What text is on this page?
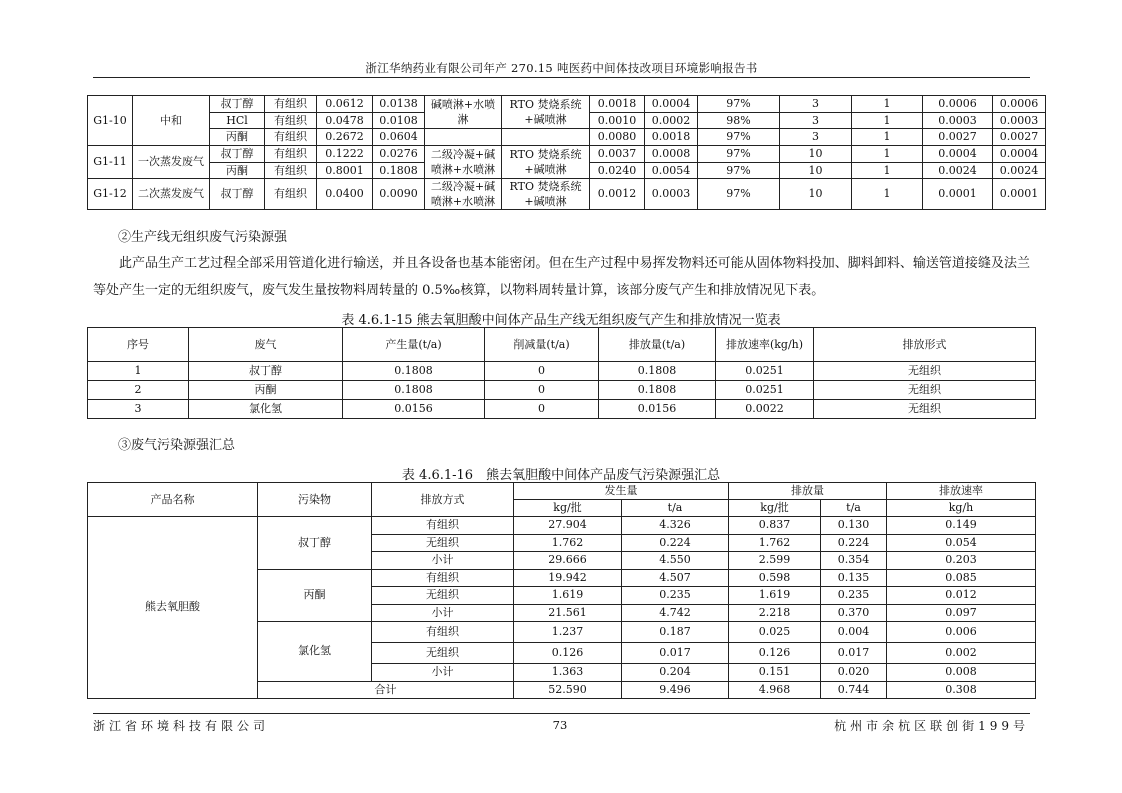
浙江华纳药业有限公司年产 270.15 吨医药中间体技改项目环境影响报告书
G1-10	中和	叔丁醇	有组织	0.0612	0.0138	碱喷淋+水喷淋	RTO 焚烧系统+碱喷淋	0.0018	0.0004	97%	3	1	0.0006	0.0006
		HCl	有组织	0.0478	0.0108			0.0010	0.0002	98%	3	1	0.0003	0.0003
		丙酮	有组织	0.2672	0.0604			0.0080	0.0018	97%	3	1	0.0027	0.0027
G1-11	一次蒸发废气	叔丁醇	有组织	0.1222	0.0276	二级冷凝+碱喷淋+水喷淋	RTO 焚烧系统+碱喷淋	0.0037	0.0008	97%	10	1	0.0004	0.0004
		丙酮	有组织	0.8001	0.1808			0.0240	0.0054	97%	10	1	0.0024	0.0024
G1-12	二次蒸发废气	叔丁醇	有组织	0.0400	0.0090	二级冷凝+碱喷淋+水喷淋	RTO 焚烧系统+碱喷淋	0.0012	0.0003	97%	10	1	0.0001	0.0001
②生产线无组织废气污染源强
此产品生产工艺过程全部采用管道化进行输送，并且各设备也基本能密闭。但在生产过程中易挥发物料还可能从固体物料投加、脚料卸料、输送管道接缝及法兰等处产生一定的无组织废气，废气发生量按物料周转量的 0.5‰核算，以物料周转量计算，该部分废气产生和排放情况见下表。
表 4.6.1-15 熊去氧胆酸中间体产品生产线无组织废气产生和排放情况一览表
序号	废气	产生量(t/a)	削减量(t/a)	排放量(t/a)	排放速率(kg/h)	排放形式
1	叔丁醇	0.1808	0	0.1808	0.0251	无组织
2	丙酮	0.1808	0	0.1808	0.0251	无组织
3	氯化氢	0.0156	0	0.0156	0.0022	无组织
③废气污染源强汇总
表 4.6.1-16　熊去氧胆酸中间体产品废气污染源强汇总
产品名称	污染物	排放方式	发生量		排放量		排放速率
			kg/批	t/a	kg/批	t/a	kg/h
熊去氧胆酸	叔丁醇	有组织	27.904	4.326	0.837	0.130	0.149
		无组织	1.762	0.224	1.762	0.224	0.054
		小计	29.666	4.550	2.599	0.354	0.203
	丙酮	有组织	19.942	4.507	0.598	0.135	0.085
		无组织	1.619	0.235	1.619	0.235	0.012
		小计	21.561	4.742	2.218	0.370	0.097
	氯化氢	有组织	1.237	0.187	0.025	0.004	0.006
		无组织	0.126	0.017	0.126	0.017	0.002
		小计	1.363	0.204	0.151	0.020	0.008
	合计		52.590	9.496	4.968	0.744	0.308
浙江省环境科技有限公司	73	杭州市余杭区联创街199号
